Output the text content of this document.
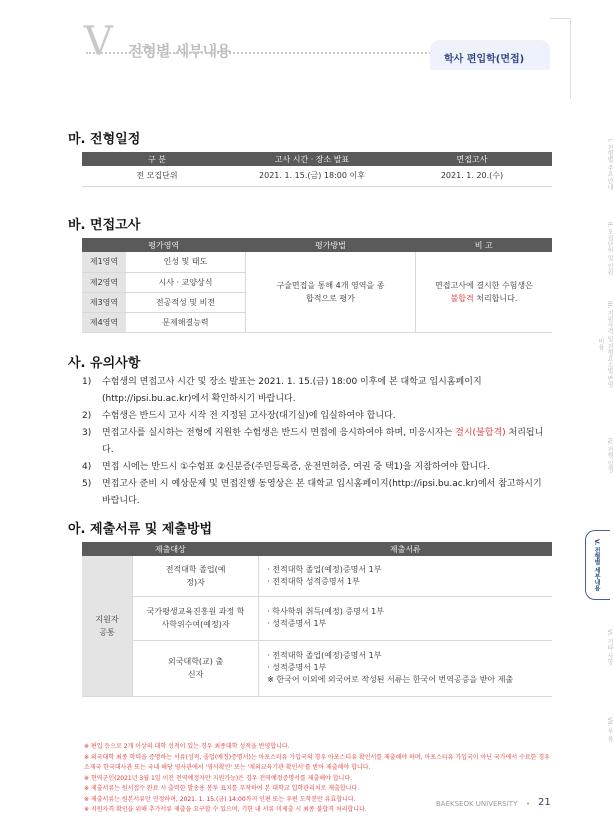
V 전형별 세부내용	학사 편입학(면접)
마. 전형일정
구 분	고사 시간 · 장소 발표	면접고사
전 모집단위	2021. 1. 15.(금) 18:00 이후	2021. 1. 20.(수)
바. 면접고사
평가영역		평가방법	비 고
제1영역	인성 및 태도	구술면접을 통해 4개 영역을 종합적으로 평가	면접고사에 결시한 수험생은
불합격 처리합니다.

제2영역	시사 · 교양상식		
제3영역	전공적성 및 비전		
제4영역	문제해결능력		
사. 유의사항
1) 수험생의 면접고사 시간 및 장소 발표는 2021. 1. 15.(금) 18:00 이후에 본 대학교 입시홈페이지(http://ipsi.bu.ac.kr)에서 확인하시기 바랍니다.
2) 수험생은 반드시 고사 시작 전 지정된 고사장(대기실)에 입실하여야 합니다.
3) 면접고사를 실시하는 전형에 지원한 수험생은 반드시 면접에 응시하여야 하며, 미응시자는 결시(불합격) 처리됩니다.
4) 면접 시에는 반드시 ①수험표 ②신분증(주민등록증, 운전면허증, 여권 중 택1)을 지참하여야 합니다.
5) 면접고사 준비 시 예상문제 및 면접진행 동영상은 본 대학교 입시홈페이지(http://ipsi.bu.ac.kr)에서 참고하시기 바랍니다.
아. 제출서류 및 제출방법
제출대상		제출서류

지원자 공통	전적대학 졸업(예정)자	· 전적대학 졸업(예정)증명서 1부
· 전적대학 성적증명서 1부

	국가평생교육진흥원 과정 학사학위수여(예정)자	· 학사학위 취득(예정) 증명서 1부
· 성적증명서 1부

	외국대학(교) 출신자	· 전적대학 졸업(예정)증명서 1부
· 성적증명서 1부
※ 한국어 이외에 외국어로 작성된 서류는 한국어 번역공증을 받아 제출
※ 편입 등으로 2개 이상의 대학 성적이 있는 경우 최종대학 성적을 반영합니다.
※ 외국대학 최종 학력을 증명하는 서류(성적, 졸업(예정)증명서)는 아포스티유 가입국의 경우 아포스티유 확인서를 제출해야 하며, 아포스티유 가입국이 아닌 국가에서 수료한 경우 소재국 한국대사관 또는 국내 해당 영사관에서 '영사확인' 또는 '재외교육기관 확인서'를 받아 제출해야 합니다.
※ 현역군인(2021년 3월 1일 이전 전역예정자만 지원가능)은 경우 전역예정증명서를 제출해야 합니다.
※ 제출서류는 원서접수 완료 시 출력한 발송용 봉투 표지를 부착하여 본 대학교 입학관리처로 제출합니다.
※ 제출서류는 원본서류만 인정하며, 2021. 1. 15.(금) 14:00까지 인편 또는 우편 도착분만 유효합니다.
※ 지원자격 확인을 위해 추가서류 제출을 요구할 수 있으며, 기한 내 서류 미제출 시 최종 불합격 처리합니다.
I. 전형별 주요 안내
II. 모집단위 및 인원
III. 지원자격 및 전형요소별 반영비율
IV. 전형 일정
V. 전형별 세부내용
VI. 기타 사항
VII. 부 록
BAEKSEOK UNIVERSITY • 21
